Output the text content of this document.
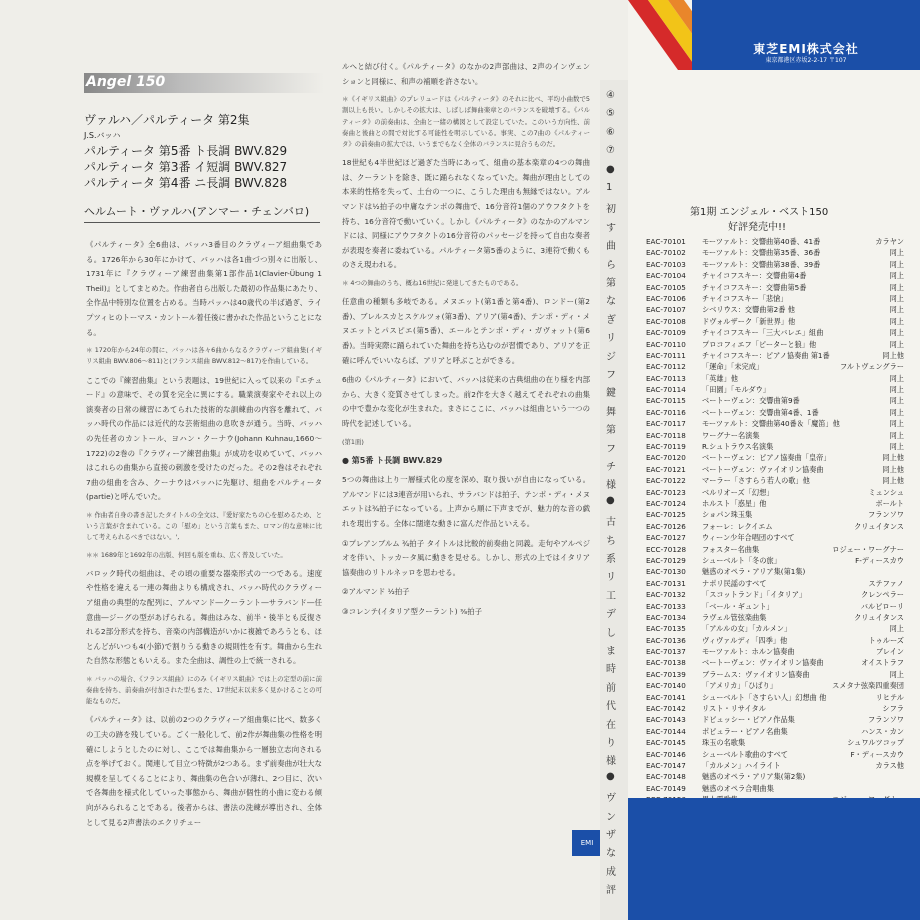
Angel 150
ヴァルハ／パルティータ 第2集
J.S.バッハ
パルティータ 第5番 ト長調 BWV.829
パルティータ 第3番 イ短調 BWV.827
パルティータ 第4番 ニ長調 BWV.828
ヘルムート・ヴァルハ(アンマー・チェンバロ)

《パルティータ》全6曲は、バッハ3番目のクラヴィーア組曲集である。1726年から30年にかけて、バッハは各1曲づつ別々に出版し、1731年に『クラヴィーア練習曲集第1部作品1(Clavier-Übung 1 Theil)』としてまとめた。作曲者自ら出版した最初の作品集にあたり、全作品中特別な位置を占める。当時パッハは40歳代の半ば過ぎ、ライプツィヒのトーマス・カントール着任後に書かれた作品ということになる。

＊ 1720年から24年の間に、バッハは各々6曲からなるクラヴィーア組曲集(イギリス組曲 BWV.806〜811)と(フランス組曲 BWV.812〜817)を作曲している。

ここでの『練習曲集』という表題は、19世紀に入って以来の『エチュード』の意味で、その質を完全に異にする。職業演奏家やそれ以上の演奏者の日常の練習にあてられた技術的な訓練曲の内容を離れて、バッハ時代の作品には近代的な芸術組曲の息吹きが通う。当時、バッハの先任者のカントール、ヨハン・クーナウ(Johann Kuhnau,1660〜1722)の2巻の『クラヴィーア練習曲集』が成功を収めていて、バッハはこれらの曲集から直接の刺激を受けたのだった。その2巻はそれぞれ7曲の組曲を含み、クーナウはバッハに先駆け、組曲をパルティータ(partie)と呼んでいた。

＊ 作曲者自身の書き記したタイトルの全文は、『愛好家たちの心を慰めるため、という言葉が含まれている。この「慰め」という言葉もまた、ロマン的な意味に比して考えられるべきではない。',

＊＊ 1689年と1692年の出版、何回も版を重ね、広く普及していた。

バロック時代の組曲は、その頃の重要な器楽形式の一つである。速度や性格を違える一連の舞曲よりも構成され、バッハ時代のクラヴィーア組曲の典型的な配列に、アルマンド―クーラント―サラバンド―任意曲―ジーグの型があげられる。舞曲はみな、前半・後半とも反復される2部分形式を持ち、音楽の内部構造がいかに複雑であろうとも、ほとんどがいつも4(小節)で割りうる動きの規則性を有す。舞曲から生れた自然な形態ともいえる。また全曲は、調性の上で統一される。

＊ バッハの場合、《フランス組曲》にのみ《イギリス組曲》では上の定型の前に前奏曲を持ち、前奏曲が付加された型もまた、17世紀末以来多く見かけることの可能なものだ。

《パルティータ》は、以前の2つのクラヴィーア組曲集に比べ、数多くの工夫の跡を残している。ごく一般化して、前2作が舞曲集の性格を明確にしようとしたのに対し、ここでは舞曲集から一層独立志向される点を挙げておく。関連して目立つ特徴が2つある。まず前奏曲が壮大な規模を呈してくることにより、舞曲集の色合いが薄れ、2つ目に、次いで各舞曲を様式化していった事態から、舞曲が個性的小曲に変わる傾向がみられることである。後者からは、書法の洗練が導出され、全体として見る2声書法のエクリチュー

ルへと結び付く。《パルティータ》のなかの2声部曲は、2声のインヴェンションと同様に、和声の補順を許さない。

＊《イギリス組曲》のプレリュードは《パルティータ》のそれに比べ、平均小曲数で5割以上も長い。しかしその拡大は、しばしば舞曲楽章とのバランスを破壊する。《パルティータ》の前奏曲は、全曲と一緒の構図として設定していた。このいう方向性、前奏曲と後曲との間で対比する可能性を明示している。事実、この7曲の《パルティータ》の前奏曲の拡大では、いうまでもなく全体のバランスに見合うものだ。

18世紀も4半世紀ほど過ぎた当時にあって、組曲の基本楽章の4つの舞曲は、クーラントを除き、既に踊られなくなっていた。舞曲が理由としての本来的性格を失って、土台の一つに、こうした理由も無縁ではない。アルマンドは½拍子の中庸なテンポの舞曲で、16分音符1個のアウフタクトを持ち、16分音符で動いていく。しかし《パルティータ》のなかのアルマンドには、同様にアウフタクトの16分音符のパッセージを持って自由な奏者が表現を奏者に委ねている。パルティータ第5番のように、3連符で動くものさえ現われる。

＊ 4つの舞曲のうち、概ね16世紀に発達してきたものである。

任意曲の種類も多岐である。メヌエット(第1番と第4番)、ロンドー(第2番)、ブレルスカとスケルツォ(第3番)、アリア(第4番)、テンポ・ディ・メヌエットとパスピエ(第5番)、エールとテンポ・ディ・ガヴォット(第6番)。当時実際に踊られていた舞曲を持ち込むのが習慣であり、アリアを正確に呼んでいいならば、アリアと呼ぶことができる。

6曲の《パルティータ》において、バッハは従来の古典組曲の在り様を内部から、大きく変質させてしまった。前2作を大きく越えてそれぞれの曲集の中で豊かな変化が生まれた。まさにここに、バッハは組曲という一つの時代を記述している。

(第1面)

● 第5番 ト長調 BWV.829

5つの舞曲は上り一層様式化の度を深め、取り扱いが自由になっている。アルマンドには3連音が用いられ、サラバンドは拍子、テンポ・ディ・メヌエットは¾拍子になっている。上声から順に下声までが、魅力的な音の戯れを現出する。全体に闊達な動きに富んだ作品といえる。

①プレアンブルム ¾拍子 タイトルは比較的前奏曲と同義。走句やアルペジオを伴い、トッカータ風に動きを見せる。しかし、形式の上ではイタリア協奏曲のリトルネッロを思わせる。

②アルマンド ½拍子

③コレンテ(イタリア型クーラント) ⅜拍子

EMI
④
⑤
⑥
⑦
●
1
初
す
曲
ら
第
な
ぎ
リ
ジ
フ
鍵
舞
第
フ
チ
様
●
古
ち
系
リ
工
デ
し
ま
時
前
代
在
り
様
●
ヴ
ン
ザ
な
成
評
東芝EMI株式会社
東京都港区赤坂2-2-17 〒107
第1期 エンジェル・ベスト150
好評発売中!!
EAC-70101 モーツァルト：交響曲第40番、41番	カラヤン
EAC-70102 モーツァルト：交響曲第35番、36番	同上
EAC-70103 モーツァルト：交響曲第38番、39番	同上
EAC-70104 チャイコフスキー：交響曲第4番	同上
EAC-70105 チャイコフスキー：交響曲第5番	同上
EAC-70106 チャイコフスキー「悲愴」	同上
EAC-70107 シベリウス：交響曲第2番 他	同上
EAC-70108 ドヴォルザーク「新世界」他	同上
EAC-70109 チャイコフスキー「三大バレエ」組曲	同上
EAC-70110 プロコフィエフ「ピーターと狼」他	同上
EAC-70111 チャイコフスキー：ピアノ協奏曲 第1番	同上他
EAC-70112 「運命」「未完成」	フルトヴェングラー
EAC-70113 「英雄」他	同上
EAC-70114 「田園」「モルダウ」	同上
EAC-70115 ベートーヴェン：交響曲第9番	同上
EAC-70116 ベートーヴェン：交響曲第4番、1番	同上
EAC-70117 モーツァルト：交響曲第40番＆「魔笛」他	同上
EAC-70118 ワーグナー名演集	同上
EAC-70119 R.シュトラウス名演集	同上
EAC-70120 ベートーヴェン：ピアノ協奏曲「皇帝」	同上他
EAC-70121 ベートーヴェン：ヴァイオリン協奏曲	同上他
EAC-70122 マーラー「さすらう若人の歌」他	同上他
EAC-70123 ベルリオーズ「幻想」	ミュンシュ
EAC-70124 ホルスト「惑星」他	ボールト
EAC-70125 ショパン珠玉集	フランソワ
EAC-70126 フォーレ：レクイエム	クリュイタンス
EAC-70127 ウィーン少年合唱団のすべて
ECC-70128 フォスター名曲集	ロジェー・ワーグナー
EAC-70129 シューベルト「冬の旅」	F-ディースカウ
EAC-70130 魅惑のオペラ・アリア集(第1集)
EAC-70131 ナポリ民謡のすべて	ステファノ
EAC-70132 「スコットランド」「イタリア」	クレンペラー
EAC-70133 「ベール・ギュント」	バルビローリ
EAC-70134 ラヴェル管弦楽曲集	クリュイタンス
EAC-70135 「アルルの女」「カルメン」	同上
EAC-70136 ヴィヴァルディ「四季」他	トゥルーズ
EAC-70137 モーツァルト：ホルン協奏曲	ブレイン
EAC-70138 ベートーヴェン：ヴァイオリン協奏曲	オイストラフ
EAC-70139 ブラームス：ヴァイオリン協奏曲	同上
EAC-70140 「アメリカ」「ひばり」	スメタナ弦楽四重奏団
EAC-70141 シューベルト「さすらい人」幻想曲 他	リヒテル
EAC-70142 リスト・リサイタル	シフラ
EAC-70143 ドビュッシー・ピアノ作品集	フランソワ
EAC-70144 ポピュラー・ピアノ名曲集	ハンス・カン
EAC-70145 珠玉の名歌集	シュワルツコップ
EAC-70146 シューベルト歌曲のすべて	F・ディースカウ
EAC-70147 「カルメン」ハイライト	カラス他
EAC-70148 魅惑のオペラ・アリア集(第2集)
EAC-70149 魅惑のオペラ合唱曲集
